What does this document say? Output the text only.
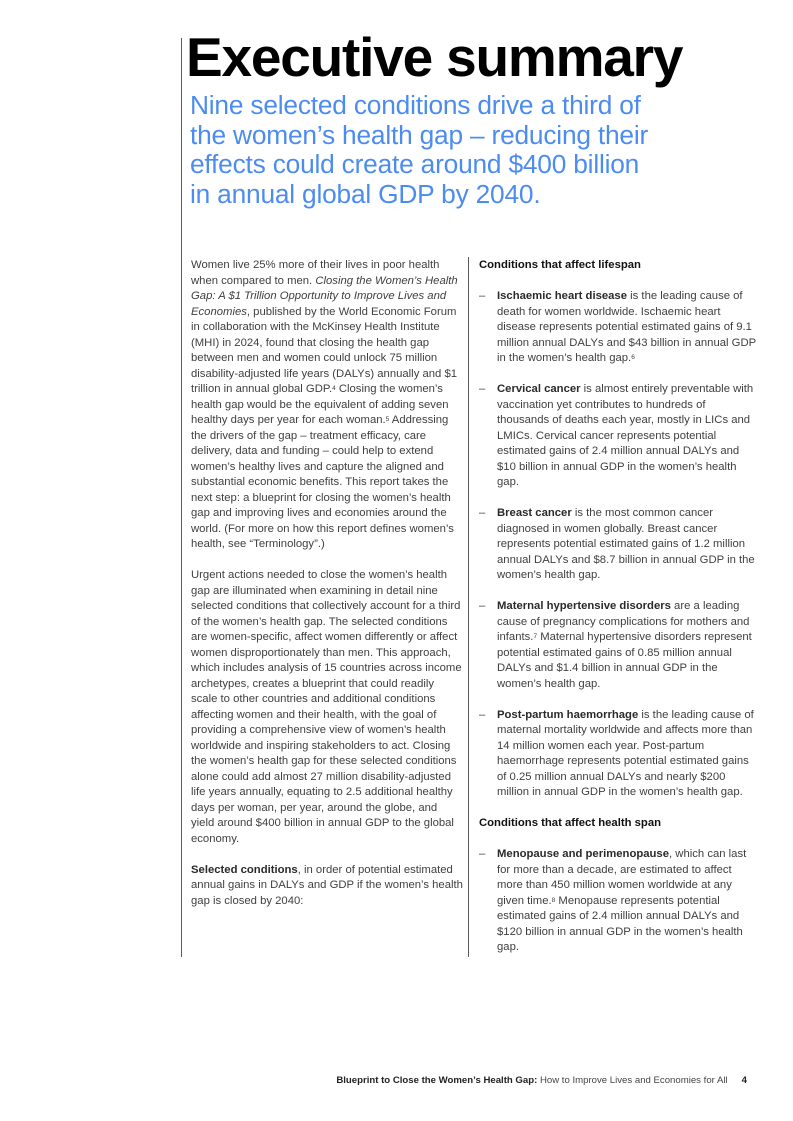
Executive summary
Nine selected conditions drive a third of the women’s health gap – reducing their effects could create around $400 billion in annual global GDP by 2040.

Women live 25% more of their lives in poor health when compared to men. Closing the Women’s Health Gap: A $1 Trillion Opportunity to Improve Lives and Economies, published by the World Economic Forum in collaboration with the McKinsey Health Institute (MHI) in 2024, found that closing the health gap between men and women could unlock 75 million disability-adjusted life years (DALYs) annually and $1 trillion in annual global GDP.$^4$ Closing the women’s health gap would be the equivalent of adding seven healthy days per year for each woman.$^5$ Addressing the drivers of the gap – treatment efficacy, care delivery, data and funding – could help to extend women’s healthy lives and capture the aligned and substantial economic benefits. This report takes the next step: a blueprint for closing the women’s health gap and improving lives and economies around the world. (For more on how this report defines women’s health, see “Terminology”.)

Urgent actions needed to close the women’s health gap are illuminated when examining in detail nine selected conditions that collectively account for a third of the women’s health gap. The selected conditions are women-specific, affect women differently or affect women disproportionately than men. This approach, which includes analysis of 15 countries across income archetypes, creates a blueprint that could readily scale to other countries and additional conditions affecting women and their health, with the goal of providing a comprehensive view of women’s health worldwide and inspiring stakeholders to act. Closing the women’s health gap for these selected conditions alone could add almost 27 million disability-adjusted life years annually, equating to 2.5 additional healthy days per woman, per year, around the globe, and yield around $400 billion in annual GDP to the global economy.

Selected conditions, in order of potential estimated annual gains in DALYs and GDP if the women’s health gap is closed by 2040:

Conditions that affect lifespan
– Ischaemic heart disease is the leading cause of death for women worldwide. Ischaemic heart disease represents potential estimated gains of 9.1 million annual DALYs and $43 billion in annual GDP in the women’s health gap.$^6$
– Cervical cancer is almost entirely preventable with vaccination yet contributes to hundreds of thousands of deaths each year, mostly in LICs and LMICs. Cervical cancer represents potential estimated gains of 2.4 million annual DALYs and $10 billion in annual GDP in the women’s health gap.
– Breast cancer is the most common cancer diagnosed in women globally. Breast cancer represents potential estimated gains of 1.2 million annual DALYs and $8.7 billion in annual GDP in the women’s health gap.
– Maternal hypertensive disorders are a leading cause of pregnancy complications for mothers and infants.$^7$ Maternal hypertensive disorders represent potential estimated gains of 0.85 million annual DALYs and $1.4 billion in annual GDP in the women’s health gap.
– Post-partum haemorrhage is the leading cause of maternal mortality worldwide and affects more than 14 million women each year. Post-partum haemorrhage represents potential estimated gains of 0.25 million annual DALYs and nearly $200 million in annual GDP in the women’s health gap.
Conditions that affect health span
– Menopause and perimenopause, which can last for more than a decade, are estimated to affect more than 450 million women worldwide at any given time.$^8$ Menopause represents potential estimated gains of 2.4 million annual DALYs and $120 billion in annual GDP in the women’s health gap.
Blueprint to Close the Women’s Health Gap: How to Improve Lives and Economies for All 4
